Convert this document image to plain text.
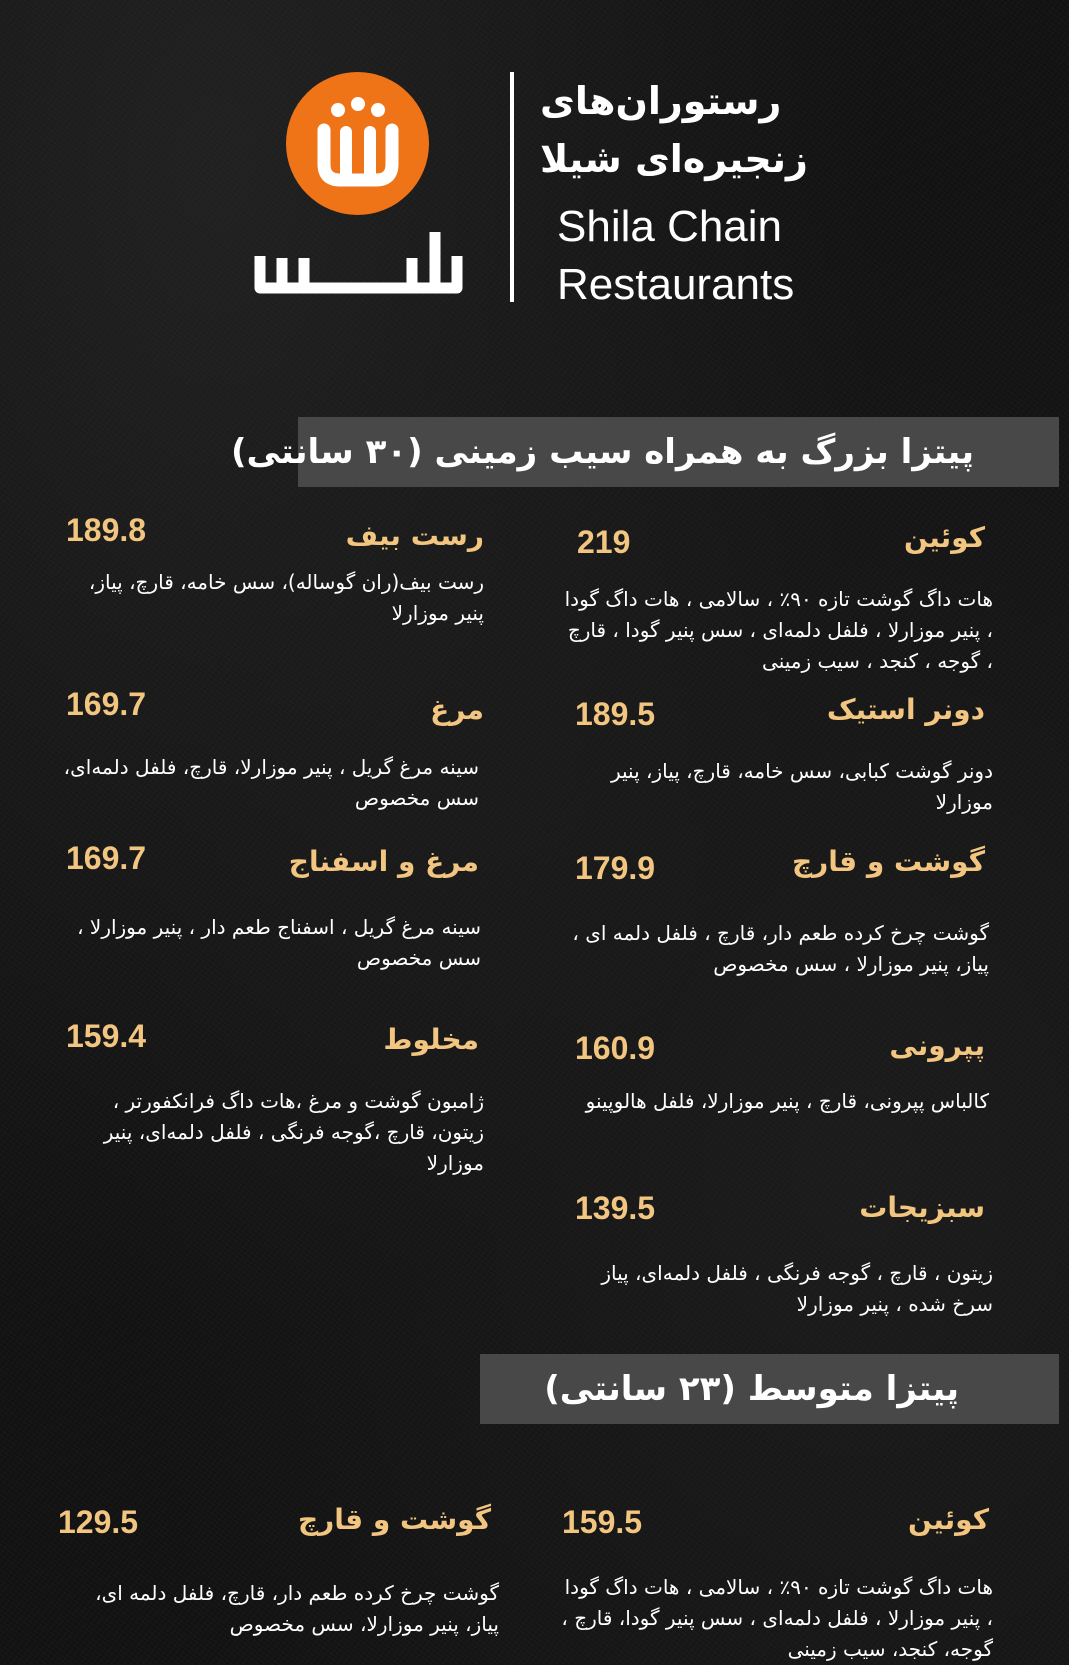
رستوران‌های
زنجیره‌ای شیلا
Shila Chain
Restaurants
پیتزا بزرگ به همراه سیب زمینی (۳۰ سانتی)
کوئین
219
هات داگ گوشت تازه ۹۰٪ ، سالامی ، هات داگ گودا ، پنیر موزارلا ، فلفل دلمه‌ای ، سس پنیر گودا ، قارچ ، گوجه ، کنجد ، سیب زمینی
رست بیف
189.8
رست بیف(ران گوساله)، سس خامه، قارچ، پیاز، پنیر موزارلا
دونر استیک
189.5
دونر گوشت کبابی، سس خامه، قارچ، پیاز، پنیر موزارلا
مرغ
169.7
سینه مرغ گریل ، پنیر موزارلا، قارچ، فلفل دلمه‌ای، سس مخصوص
گوشت و قارچ
179.9
گوشت چرخ کرده طعم دار، قارچ ، فلفل دلمه ای ، پیاز، پنیر موزارلا ، سس مخصوص
مرغ و اسفناج
169.7
سینه مرغ گریل ، اسفناج طعم دار ، پنیر موزارلا ، سس مخصوص
پپرونی
160.9
کالباس پپرونی، قارچ ، پنیر موزارلا، فلفل هالوپینو
مخلوط
159.4
ژامبون گوشت و مرغ ،هات داگ فرانکفورتر ، زیتون، قارچ ،گوجه فرنگی ، فلفل دلمه‌ای، پنیر موزارلا
سبزیجات
139.5
زیتون ، قارچ ، گوجه فرنگی ، فلفل دلمه‌ای، پیاز سرخ شده ، پنیر موزارلا
پیتزا متوسط (۲۳ سانتی)
کوئین
159.5
هات داگ گوشت تازه ۹۰٪ ، سالامی ، هات داگ گودا ، پنیر موزارلا ، فلفل دلمه‌ای ، سس پنیر گودا، قارچ ، گوجه، کنجد، سیب زمینی
گوشت و قارچ
129.5
گوشت چرخ کرده طعم دار، قارچ، فلفل دلمه ای، پیاز، پنیر موزارلا، سس مخصوص
